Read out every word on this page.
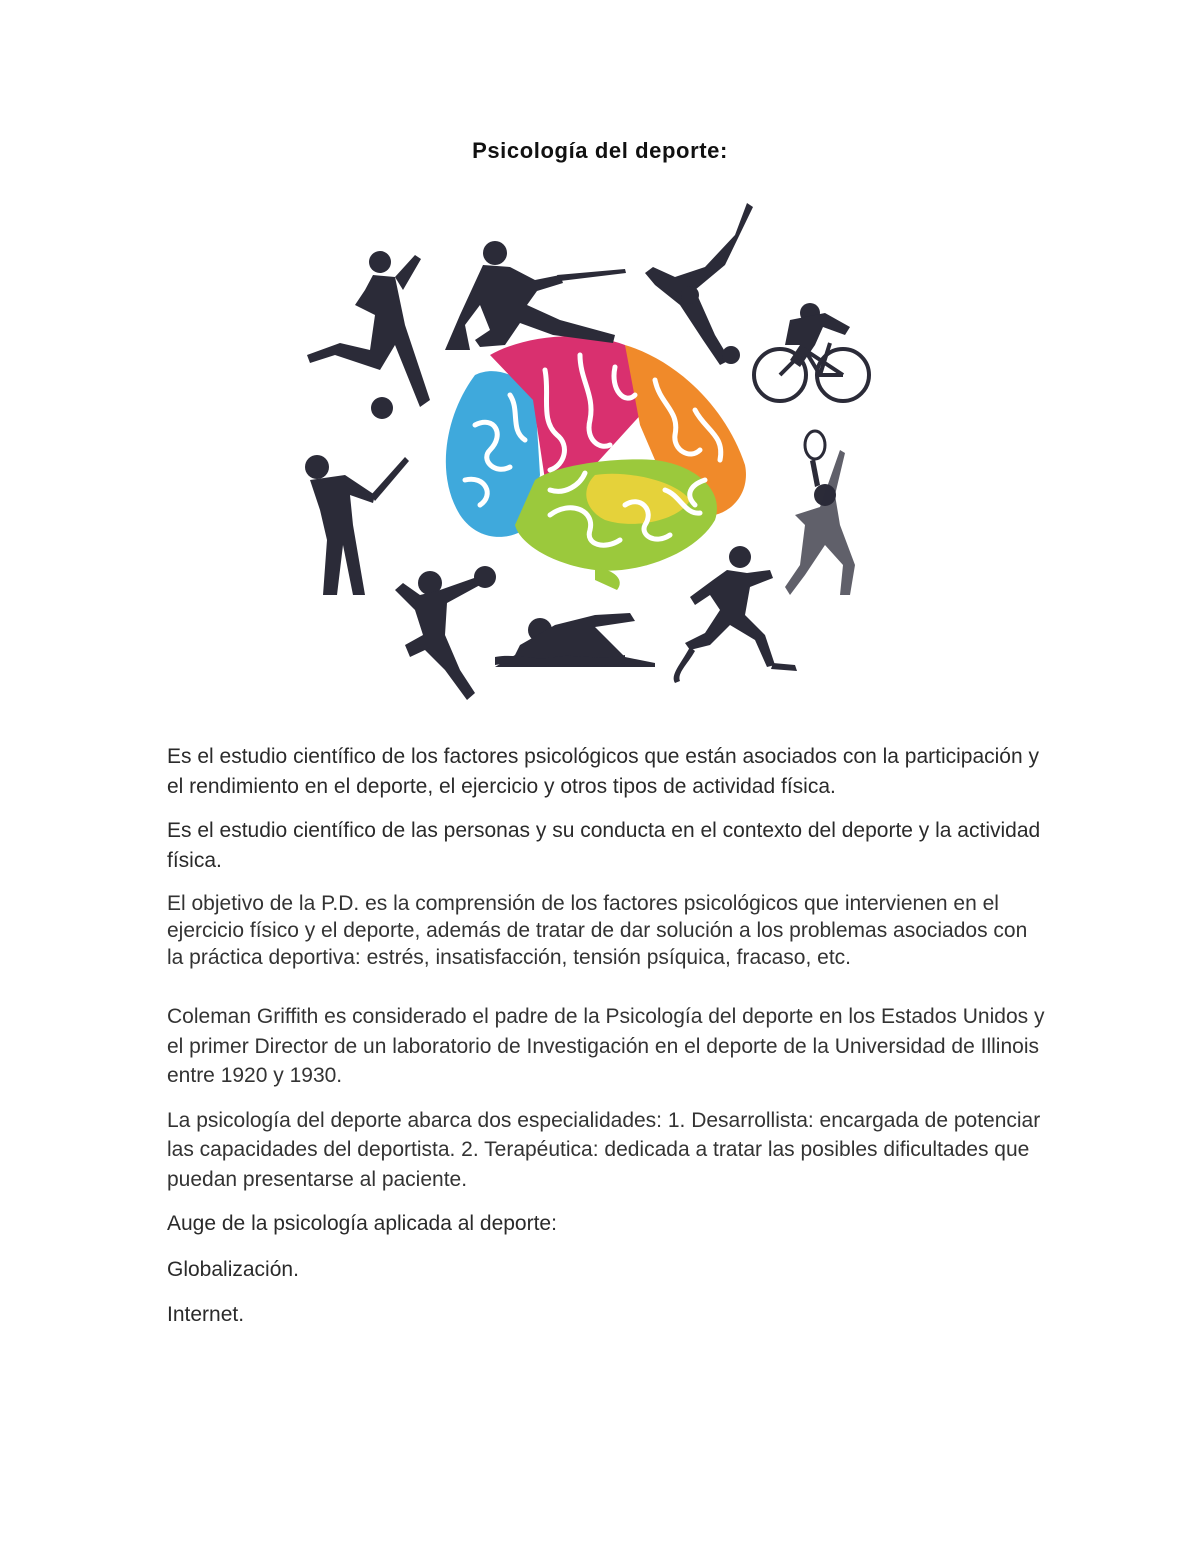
Psicología del deporte:

Es el estudio científico de los factores psicológicos que están asociados con la participación y el rendimiento en el deporte, el ejercicio y otros tipos de actividad física.

Es el estudio científico de las personas y su conducta en el contexto del deporte y la actividad física.

El objetivo de la P.D. es la comprensión de los factores psicológicos que intervienen en el ejercicio físico y el deporte, además de tratar de dar solución a los problemas asociados con la práctica deportiva: estrés, insatisfacción, tensión psíquica, fracaso, etc.

Coleman Griffith es considerado el padre de la Psicología del deporte en los Estados Unidos y el primer Director de un laboratorio de Investigación en el deporte de la Universidad de Illinois entre 1920 y 1930.

La psicología del deporte abarca dos especialidades: 1. Desarrollista: encargada de potenciar las capacidades del deportista. 2. Terapéutica: dedicada a tratar las posibles dificultades que puedan presentarse al paciente.

Auge de la psicología aplicada al deporte:

Globalización.

Internet.
